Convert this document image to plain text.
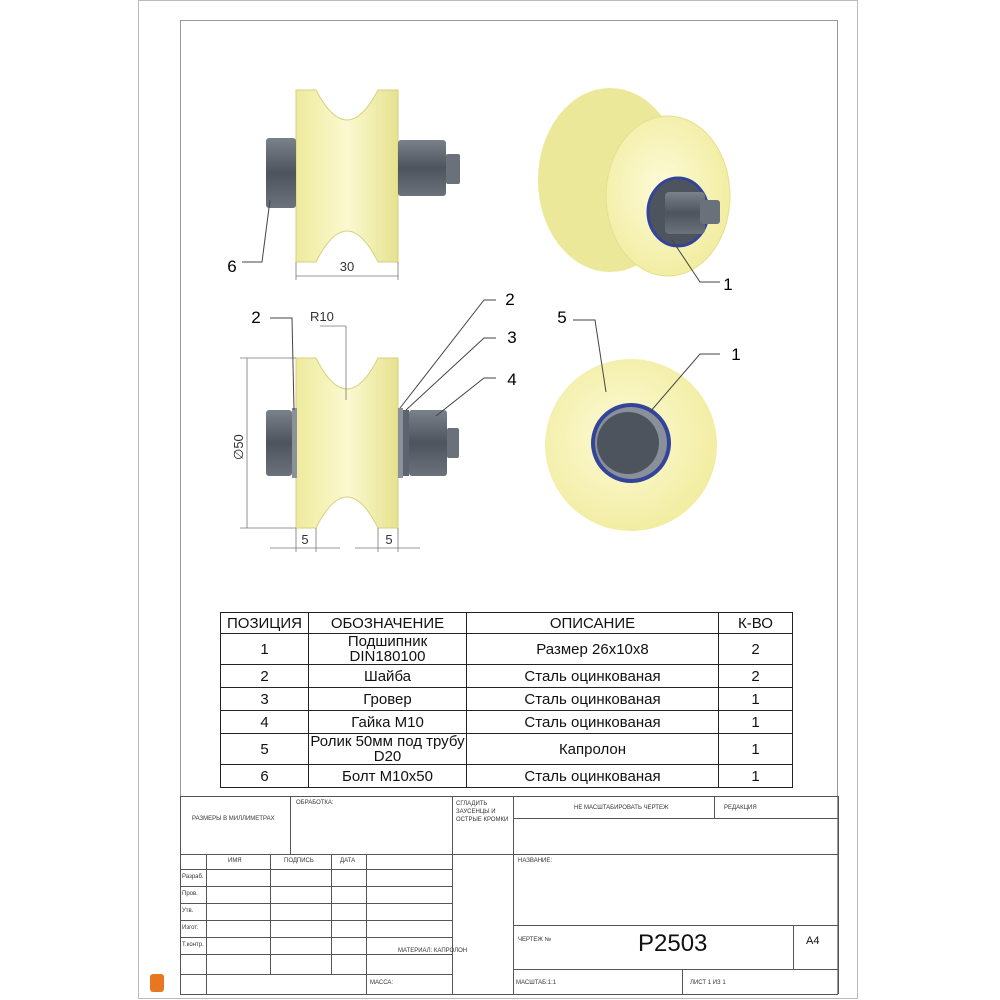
30
6
1
∅50
R10
5	5
2
2
3
4
5
1
ПОЗИЦИЯ	ОБОЗНАЧЕНИЕ	ОПИСАНИЕ	К-ВО
1	Подшипник DIN180100	Размер 26x10x8	2
2	Шайба	Сталь оцинкованая	2
3	Гровер	Сталь оцинкованая	1
4	Гайка М10	Сталь оцинкованая	1
5	Ролик 50мм под трубу D20	Капролон	1
6	Болт М10х50	Сталь оцинкованая	1
РАЗМЕРЫ В МИЛЛИМЕТРАХ
ОБРАБОТКА:	СГЛАДИТЬ ЗАУСЕНЦЫ И ОСТРЫЕ КРОМКИ
НЕ МАСШТАБИРОВАТЬ ЧЕРТЕЖ	РЕДАКЦИЯ
ИМЯ	ПОДПИСЬ	ДАТА
Разраб.
Пров.
Утв.
Изгот.
Т.контр.
НАЗВАНИЕ:
МАТЕРИАЛ: КАПРОЛОН
ЧЕРТЕЖ №	P2503	А4
МАССА:	МАСШТАБ:1:1	ЛИСТ 1 ИЗ 1
